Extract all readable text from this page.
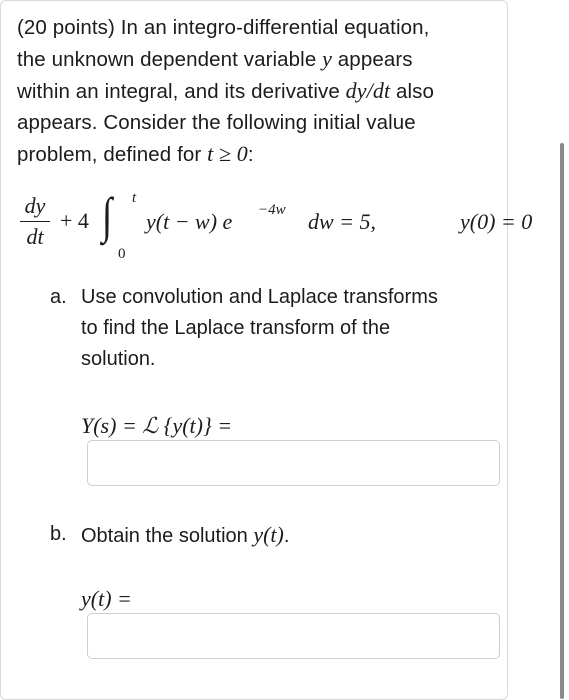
(20 points) In an integro-differential equation,
the unknown dependent variable y appears
within an integral, and its derivative dy/dt also
appears. Consider the following initial value
problem, defined for t ≥ 0:
dy
dt
+ 4 ∫ t
0
y(t − w) e −4w dw = 5,	y(0) = 0
a. Use convolution and Laplace transforms
to find the Laplace transform of the
solution.
Y(s) = ℒ {y(t)} =
b. Obtain the solution y(t).
y(t) =
